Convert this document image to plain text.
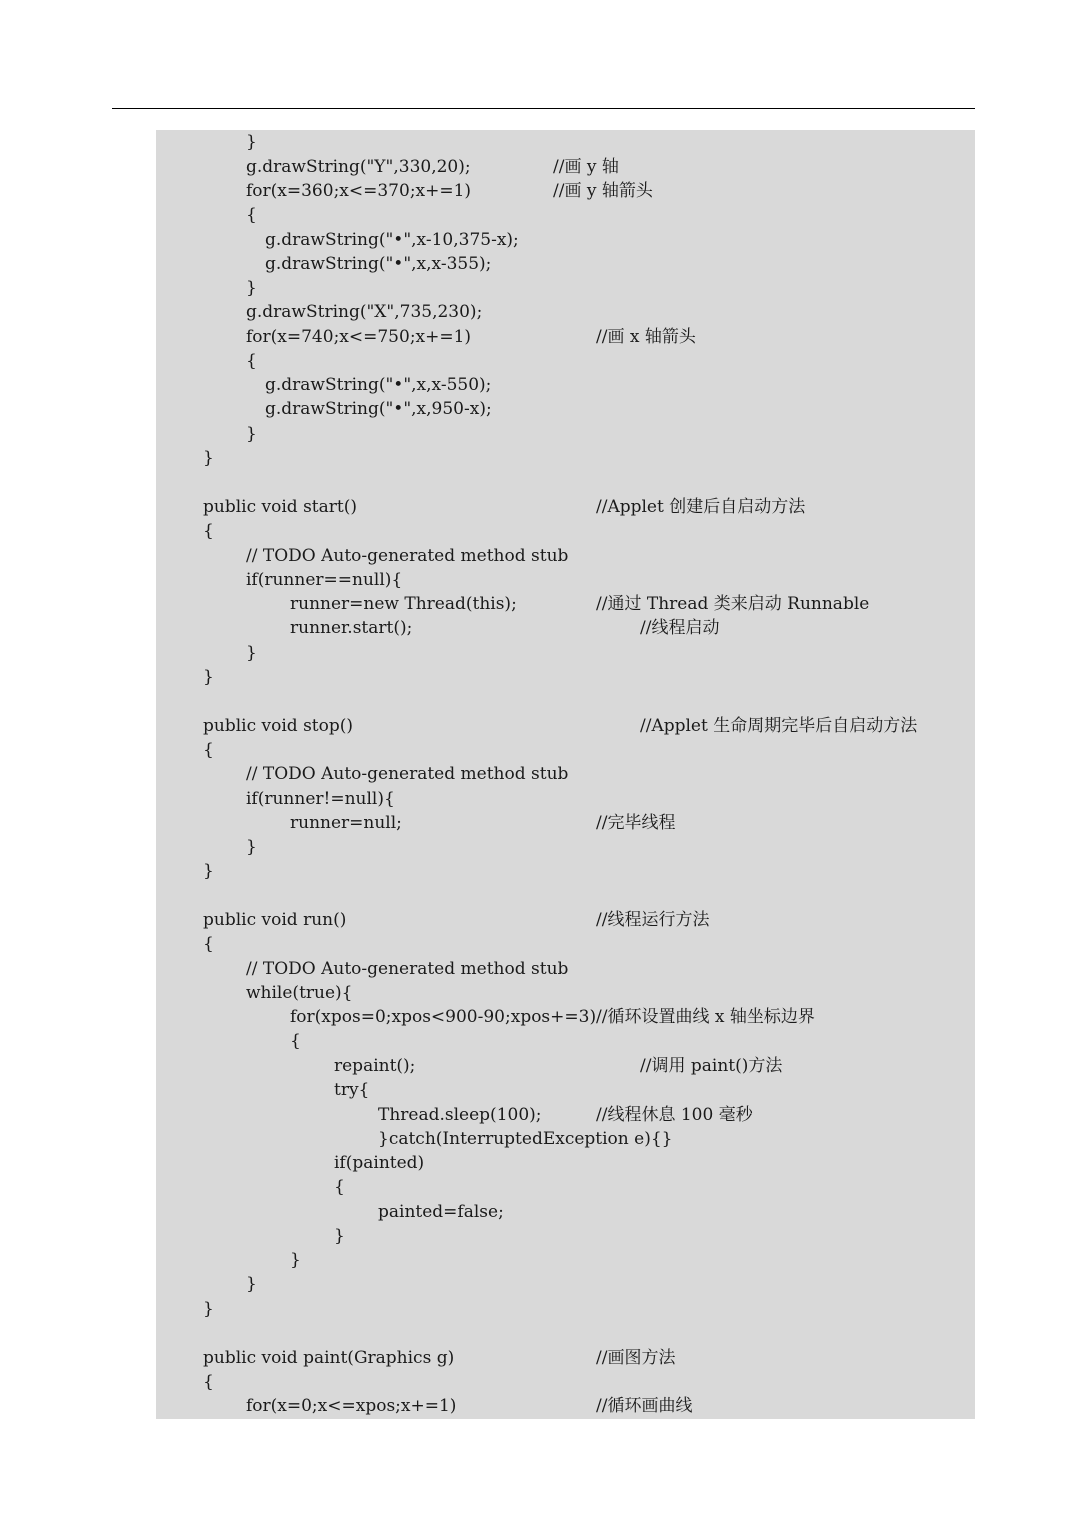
}
g.drawString("Y",330,20);	//画 y 轴
for(x=360;x<=370;x+=1)	//画 y 轴箭头
{
g.drawString("•",x-10,375-x);
g.drawString("•",x,x-355);
}
g.drawString("X",735,230);
for(x=740;x<=750;x+=1)	//画 x 轴箭头
{
g.drawString("•",x,x-550);
g.drawString("•",x,950-x);
}
}
public void start()	//Applet 创建后自启动方法
{
// TODO Auto-generated method stub
if(runner==null){
runner=new Thread(this);	//通过 Thread 类来启动 Runnable
runner.start();	//线程启动
}
}
public void stop()	//Applet 生命周期完毕后自启动方法
{
// TODO Auto-generated method stub
if(runner!=null){
runner=null;	//完毕线程
}
}
public void run()	//线程运行方法
{
// TODO Auto-generated method stub
while(true){
for(xpos=0;xpos<900-90;xpos+=3) //循环设置曲线 x 轴坐标边界
{
repaint();	//调用 paint()方法
try{
Thread.sleep(100);	//线程休息 100 毫秒
}catch(InterruptedException e){}
if(painted)
{
painted=false;
}
}
}
}
public void paint(Graphics g)	//画图方法
{
for(x=0;x<=xpos;x+=1)	//循环画曲线
